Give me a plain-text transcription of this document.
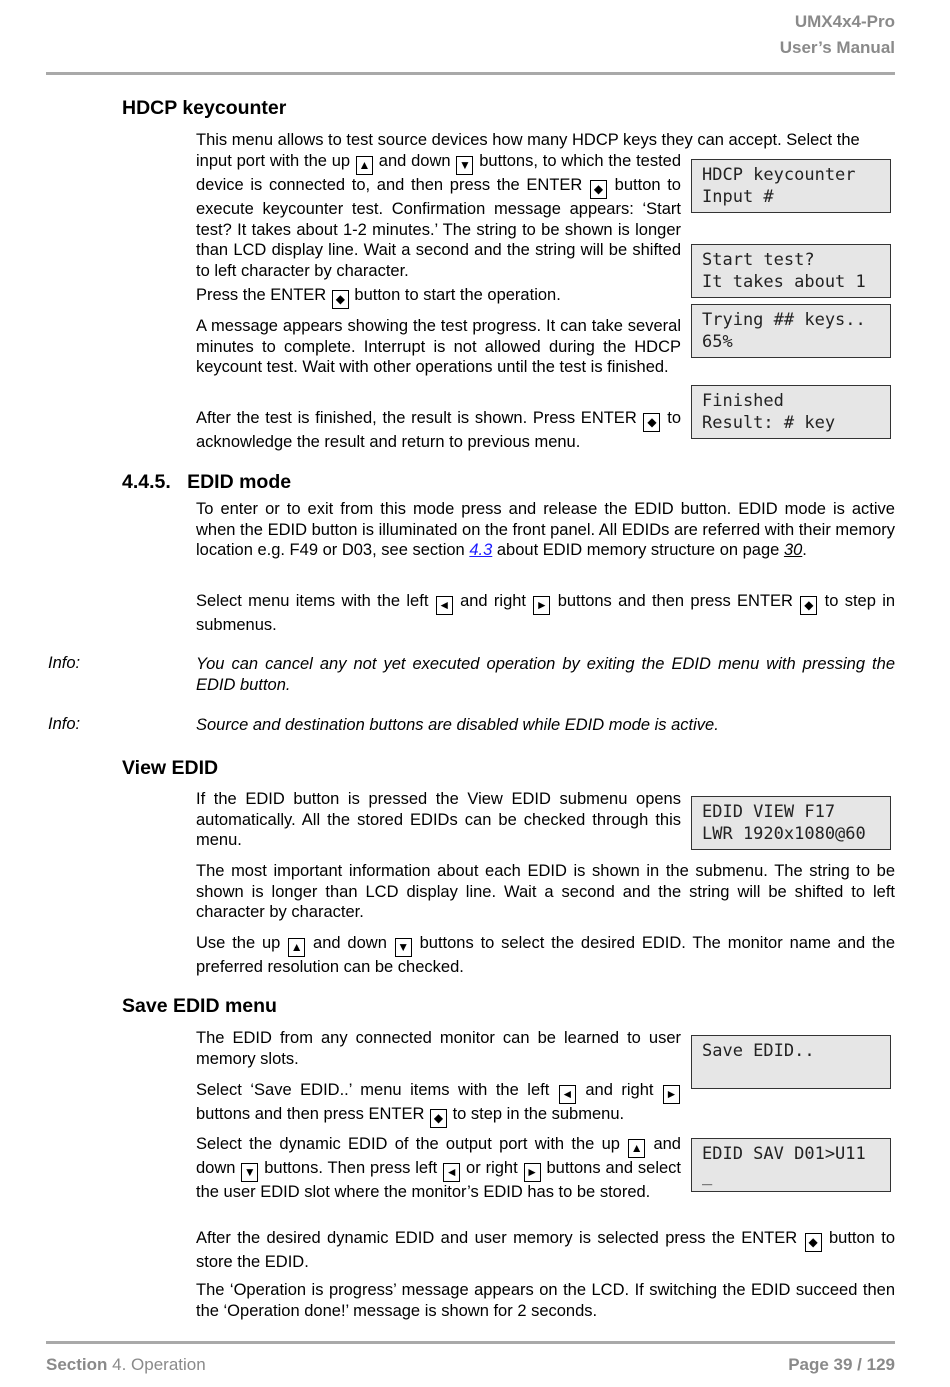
UMX4x4-Pro
User’s Manual
HDCP keycounter

This menu allows to test source devices how many HDCP keys they can accept. Select the

input port with the up ▲ and down ▼ buttons, to which the tested device is connected to, and then press the ENTER ◆ button to execute keycounter test. Confirmation message appears: ‘Start test? It takes about 1-2 minutes.’ The string to be shown is longer than LCD display line. Wait a second and the string will be shifted to left character by character.

Press the ENTER ◆ button to start the operation.

A message appears showing the test progress. It can take several minutes to complete. Interrupt is not allowed during the HDCP keycount test. Wait with other operations until the test is finished.

After the test is finished, the result is shown. Press ENTER ◆ to acknowledge the result and return to previous menu.

HDCP keycounter
Input #
Start test?
It takes about 1
Trying ## keys..
65%
Finished
Result: # key
4.4.5. EDID mode

To enter or to exit from this mode press and release the EDID button. EDID mode is active when the EDID button is illuminated on the front panel. All EDIDs are referred with their memory location e.g. F49 or D03, see section 4.3 about EDID memory structure on page 30.

Select menu items with the left ◄ and right ► buttons and then press ENTER ◆ to step in submenus.

Info:	You can cancel any not yet executed operation by exiting the EDID menu with pressing the EDID button.

Info:	Source and destination buttons are disabled while EDID mode is active.

View EDID

If the EDID button is pressed the View EDID submenu opens automatically. All the stored EDIDs can be checked through this menu.

EDID VIEW F17
LWR 1920x1080@60

The most important information about each EDID is shown in the submenu. The string to be shown is longer than LCD display line. Wait a second and the string will be shifted to left character by character.

Use the up ▲ and down ▼ buttons to select the desired EDID. The monitor name and the preferred resolution can be checked.

Save EDID menu

The EDID from any connected monitor can be learned to user memory slots.	Save EDID..

Select ‘Save EDID..’ menu items with the left ◄ and right ► buttons and then press ENTER ◆ to step in the submenu.

Select the dynamic EDID of the output port with the up ▲ and down ▼ buttons. Then press left ◄ or right ► buttons and select the user EDID slot where the monitor’s EDID has to be stored.

EDID SAV D01>U11
_

After the desired dynamic EDID and user memory is selected press the ENTER ◆ button to store the EDID.

The ‘Operation is progress’ message appears on the LCD. If switching the EDID succeed then the ‘Operation done!’ message is shown for 2 seconds.

Section 4. Operation	Page 39 / 129
